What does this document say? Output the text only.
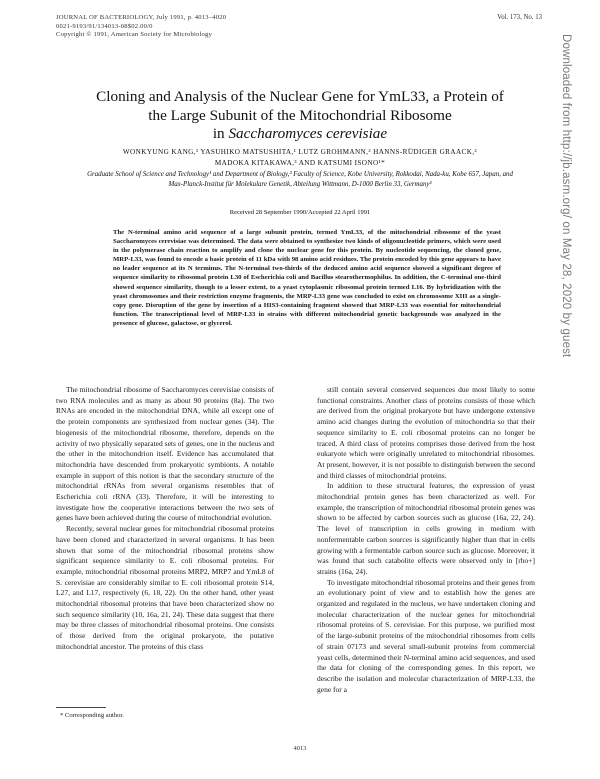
JOURNAL OF BACTERIOLOGY, July 1991, p. 4013–4020
0021-9193/91/134013-08$02.00/0
Copyright © 1991, American Society for Microbiology
Vol. 173, No. 13
Cloning and Analysis of the Nuclear Gene for YmL33, a Protein of
the Large Subunit of the Mitochondrial Ribosome
in Saccharomyces cerevisiae
WONKYUNG KANG,¹ YASUHIKO MATSUSHITA,¹ LUTZ GROHMANN,² HANNS-RÜDIGER GRAACK,²
MADOKA KITAKAWA,³ AND KATSUMI ISONO¹*
Graduate School of Science and Technology¹ and Department of Biology,³ Faculty of Science, Kobe University, Rokkodai, Nada-ku, Kobe 657, Japan, and Max-Planck-Institut für Molekulare Genetik, Abteilung Wittmann, D-1000 Berlin 33, Germany²
Received 28 September 1990/Accepted 22 April 1991
The N-terminal amino acid sequence of a large subunit protein, termed YmL33, of the mitochondrial ribosome of the yeast Saccharomyces cerevisiae was determined. The data were obtained to synthesize two kinds of oligonucleotide primers, which were used in the polymerase chain reaction to amplify and clone the nuclear gene for this protein. By nucleotide sequencing, the cloned gene, MRP-L33, was found to encode a basic protein of 11 kDa with 98 amino acid residues. The protein encoded by this gene appears to have no leader sequence at its N terminus. The N-terminal two-thirds of the deduced amino acid sequence showed a significant degree of sequence similarity to ribosomal protein L30 of Escherichia coli and Bacillus stearothermophilus. In addition, the C-terminal one-third showed sequence similarity, though to a lesser extent, to a yeast cytoplasmic ribosomal protein termed L16. By hybridization with the yeast chromosomes and their restriction enzyme fragments, the MRP-L33 gene was concluded to exist on chromosome XIII as a single-copy gene. Disruption of the gene by insertion of a HIS3-containing fragment showed that MRP-L33 was essential for mitochondrial function. The transcriptional level of MRP-L33 in strains with different mitochondrial genetic backgrounds was analyzed in the presence of glucose, galactose, or glycerol.

The mitochondrial ribosome of Saccharomyces cerevisiae consists of two RNA molecules and as many as about 90 proteins (8a). The two RNAs are encoded in the mitochondrial DNA, while all except one of the protein components are synthesized from nuclear genes (34). The biogenesis of the mitochondrial ribosome, therefore, depends on the activity of two physically separated sets of genes, one in the nucleus and the other in the mitochondrion itself. Evidence has accumulated that mitochondria have descended from prokaryotic symbionts. A notable example in support of this notion is that the secondary structure of the mitochondrial rRNAs from several organisms resembles that of Escherichia coli rRNA (33). Therefore, it will be interesting to investigate how the cooperative interactions between the two sets of genes have been achieved during the course of mitochondrial evolution.

Recently, several nuclear genes for mitochondrial ribosomal proteins have been cloned and characterized in several organisms. It has been shown that some of the mitochondrial ribosomal proteins show significant sequence similarity to E. coli ribosomal proteins. For example, mitochondrial ribosomal proteins MRP2, MRP7 and YmL8 of S. cerevisiae are considerably similar to E. coli ribosomal protein S14, L27, and L17, respectively (6, 18, 22). On the other hand, other yeast mitochondrial ribosomal proteins that have been characterized show no such sequence similarity (10, 16a, 21, 24). These data suggest that there may be three classes of mitochondrial ribosomal proteins. One consists of those derived from the original prokaryote, the putative mitochondrial ancestor. The proteins of this class

still contain several conserved sequences due most likely to some functional constraints. Another class of proteins consists of those which are derived from the original prokaryote but have undergone extensive amino acid changes during the evolution of mitochondria so that their sequence similarity to E. coli ribosomal proteins can no longer be traced. A third class of proteins comprises those derived from the host eukaryote which were originally unrelated to mitochondrial ribosomes. At present, however, it is not possible to distinguish between the second and third classes of mitochondrial proteins.

In addition to these structural features, the expression of yeast mitochondrial protein genes has been characterized as well. For example, the transcription of mitochondrial ribosomal protein genes was shown to be affected by carbon sources such as glucose (16a, 22, 24). The level of transcription in cells growing in medium with nonfermentable carbon sources is significantly higher than that in cells growing with a fermentable carbon source such as glucose. Moreover, it was found that such catabolite effects were observed only in [rho+] strains (16a, 24).

To investigate mitochondrial ribosomal proteins and their genes from an evolutionary point of view and to establish how the genes are organized and regulated in the nucleus, we have undertaken cloning and molecular characterization of the nuclear genes for mitochondrial ribosomal proteins of S. cerevisiae. For this purpose, we purified most of the large-subunit proteins of the mitochondrial ribosomes from cells of strain 07173 and several small-subunit proteins from commercial yeast cells, determined their N-terminal amino acid sequences, and used the data for cloning of the corresponding genes. In this report, we describe the isolation and molecular characterization of MRP-L33, the gene for a

* Corresponding author.
4013
Downloaded from http://jb.asm.org/ on May 28, 2020 by guest
